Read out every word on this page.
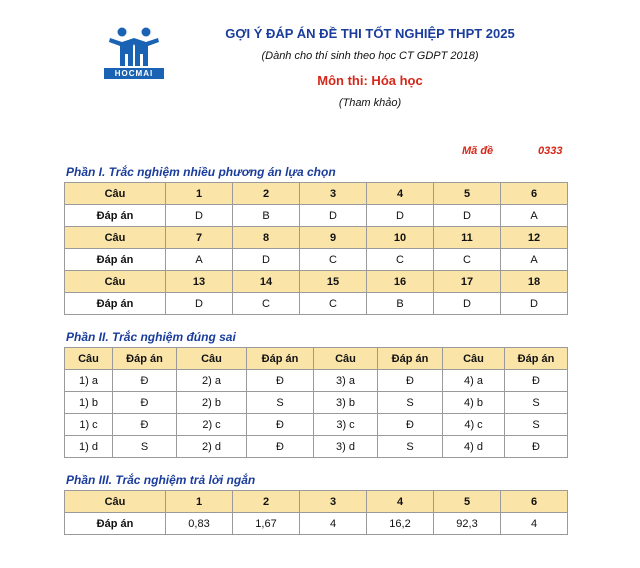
HOCMAI
GỢI Ý ĐÁP ÁN ĐỀ THI TỐT NGHIỆP THPT 2025
(Dành cho thí sinh theo học CT GDPT 2018)
Môn thi: Hóa học
(Tham khảo)
Mã đề	0333
Phần I. Trắc nghiệm nhiều phương án lựa chọn
Câu	1	2	3	4	5	6
Đáp án	D	B	D	D	D	A
Câu	7	8	9	10	11	12
Đáp án	A	D	C	C	C	A
Câu	13	14	15	16	17	18
Đáp án	D	C	C	B	D	D
Phần II. Trắc nghiệm đúng sai
Câu	Đáp án	Câu	Đáp án	Câu	Đáp án	Câu	Đáp án
1) a	Đ	2) a	Đ	3) a	Đ	4) a	Đ
1) b	Đ	2) b	S	3) b	S	4) b	S
1) c	Đ	2) c	Đ	3) c	Đ	4) c	S
1) d	S	2) d	Đ	3) d	S	4) d	Đ
Phần III. Trắc nghiệm trả lời ngắn
Câu	1	2	3	4	5	6
Đáp án	0,83	1,67	4	16,2	92,3	4
